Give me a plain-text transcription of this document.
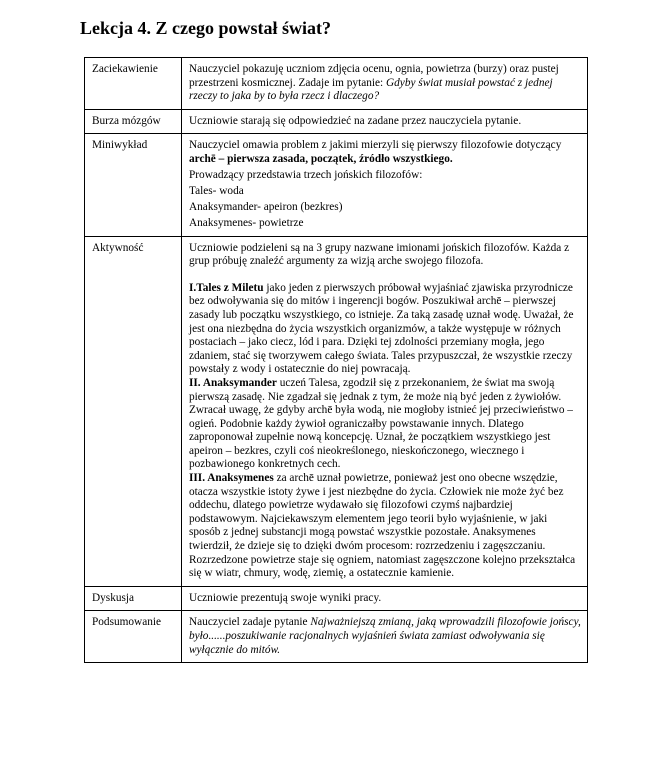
Lekcja 4. Z czego powstał świat?
Zaciekawienie	Nauczyciel pokazuję uczniom zdjęcia ocenu, ognia, powietrza (burzy) oraz pustej przestrzeni kosmicznej. Zadaje im pytanie: Gdyby świat musiał powstać z jednej rzeczy to jaka by to była rzecz i dlaczego?
Burza mózgów	Uczniowie starają się odpowiedzieć na zadane przez nauczyciela pytanie.
Miniwykład	Nauczyciel omawia problem z jakimi mierzyli się pierwszy filozofowie dotyczący archē – pierwsza zasada, początek, źródło wszystkiego.
Prowadzący przedstawia trzech jońskich filozofów:
Tales- woda
Anaksymander- apeiron (bezkres)
Anaksymenes- powietrze

Aktywność	Uczniowie podzieleni są na 3 grupy nazwane imionami jońskich filozofów. Każda z grup próbuję znaleźć argumenty za wizją arche swojego filozofa.
I.Tales z Miletu jako jeden z pierwszych próbował wyjaśniać zjawiska przyrodnicze bez odwoływania się do mitów i ingerencji bogów. Poszukiwał archē – pierwszej zasady lub początku wszystkiego, co istnieje. Za taką zasadę uznał wodę. Uważał, że jest ona niezbędna do życia wszystkich organizmów, a także występuje w różnych postaciach – jako ciecz, lód i para. Dzięki tej zdolności przemiany mogła, jego zdaniem, stać się tworzywem całego świata. Tales przypuszczał, że wszystkie rzeczy powstały z wody i ostatecznie do niej powracają.
II. Anaksymander uczeń Talesa, zgodził się z przekonaniem, że świat ma swoją pierwszą zasadę. Nie zgadzał się jednak z tym, że może nią być jeden z żywiołów. Zwracał uwagę, że gdyby archē była wodą, nie mogłoby istnieć jej przeciwieństwo – ogień. Podobnie każdy żywioł ograniczałby powstawanie innych. Dlatego zaproponował zupełnie nową koncepcję. Uznał, że początkiem wszystkiego jest apeiron – bezkres, czyli coś nieokreślonego, nieskończonego, wiecznego i pozbawionego konkretnych cech.
III. Anaksymenes za archē uznał powietrze, ponieważ jest ono obecne wszędzie, otacza wszystkie istoty żywe i jest niezbędne do życia. Człowiek nie może żyć bez oddechu, dlatego powietrze wydawało się filozofowi czymś najbardziej podstawowym. Najciekawszym elementem jego teorii było wyjaśnienie, w jaki sposób z jednej substancji mogą powstać wszystkie pozostałe. Anaksymenes twierdził, że dzieje się to dzięki dwóm procesom: rozrzedzeniu i zagęszczaniu. Rozrzedzone powietrze staje się ogniem, natomiast zagęszczone kolejno przekształca się w wiatr, chmury, wodę, ziemię, a ostatecznie kamienie.

Dyskusja	Uczniowie prezentują swoje wyniki pracy.
Podsumowanie	Nauczyciel zadaje pytanie Najważniejszą zmianą, jaką wprowadzili filozofowie jońscy, było......poszukiwanie racjonalnych wyjaśnień świata zamiast odwoływania się wyłącznie do mitów.
